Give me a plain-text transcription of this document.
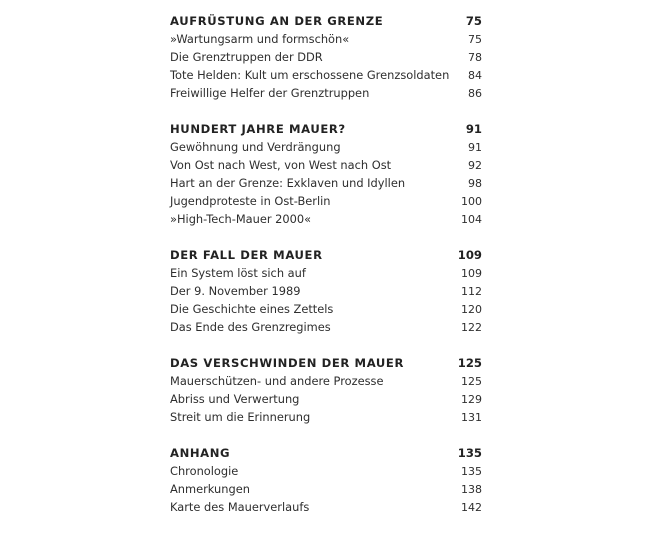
AUFRÜSTUNG AN DER GRENZE	75
»Wartungsarm und formschön«	75
Die Grenztruppen der DDR	78
Tote Helden: Kult um erschossene Grenzsoldaten	84
Freiwillige Helfer der Grenztruppen	86
HUNDERT JAHRE MAUER?	91
Gewöhnung und Verdrängung	91
Von Ost nach West, von West nach Ost	92
Hart an der Grenze: Exklaven und Idyllen	98
Jugendproteste in Ost-Berlin	100
»High-Tech-Mauer 2000«	104
DER FALL DER MAUER	109
Ein System löst sich auf	109
Der 9. November 1989	112
Die Geschichte eines Zettels	120
Das Ende des Grenzregimes	122
DAS VERSCHWINDEN DER MAUER	125
Mauerschützen- und andere Prozesse	125
Abriss und Verwertung	129
Streit um die Erinnerung	131
ANHANG	135
Chronologie	135
Anmerkungen	138
Karte des Mauerverlaufs	142
